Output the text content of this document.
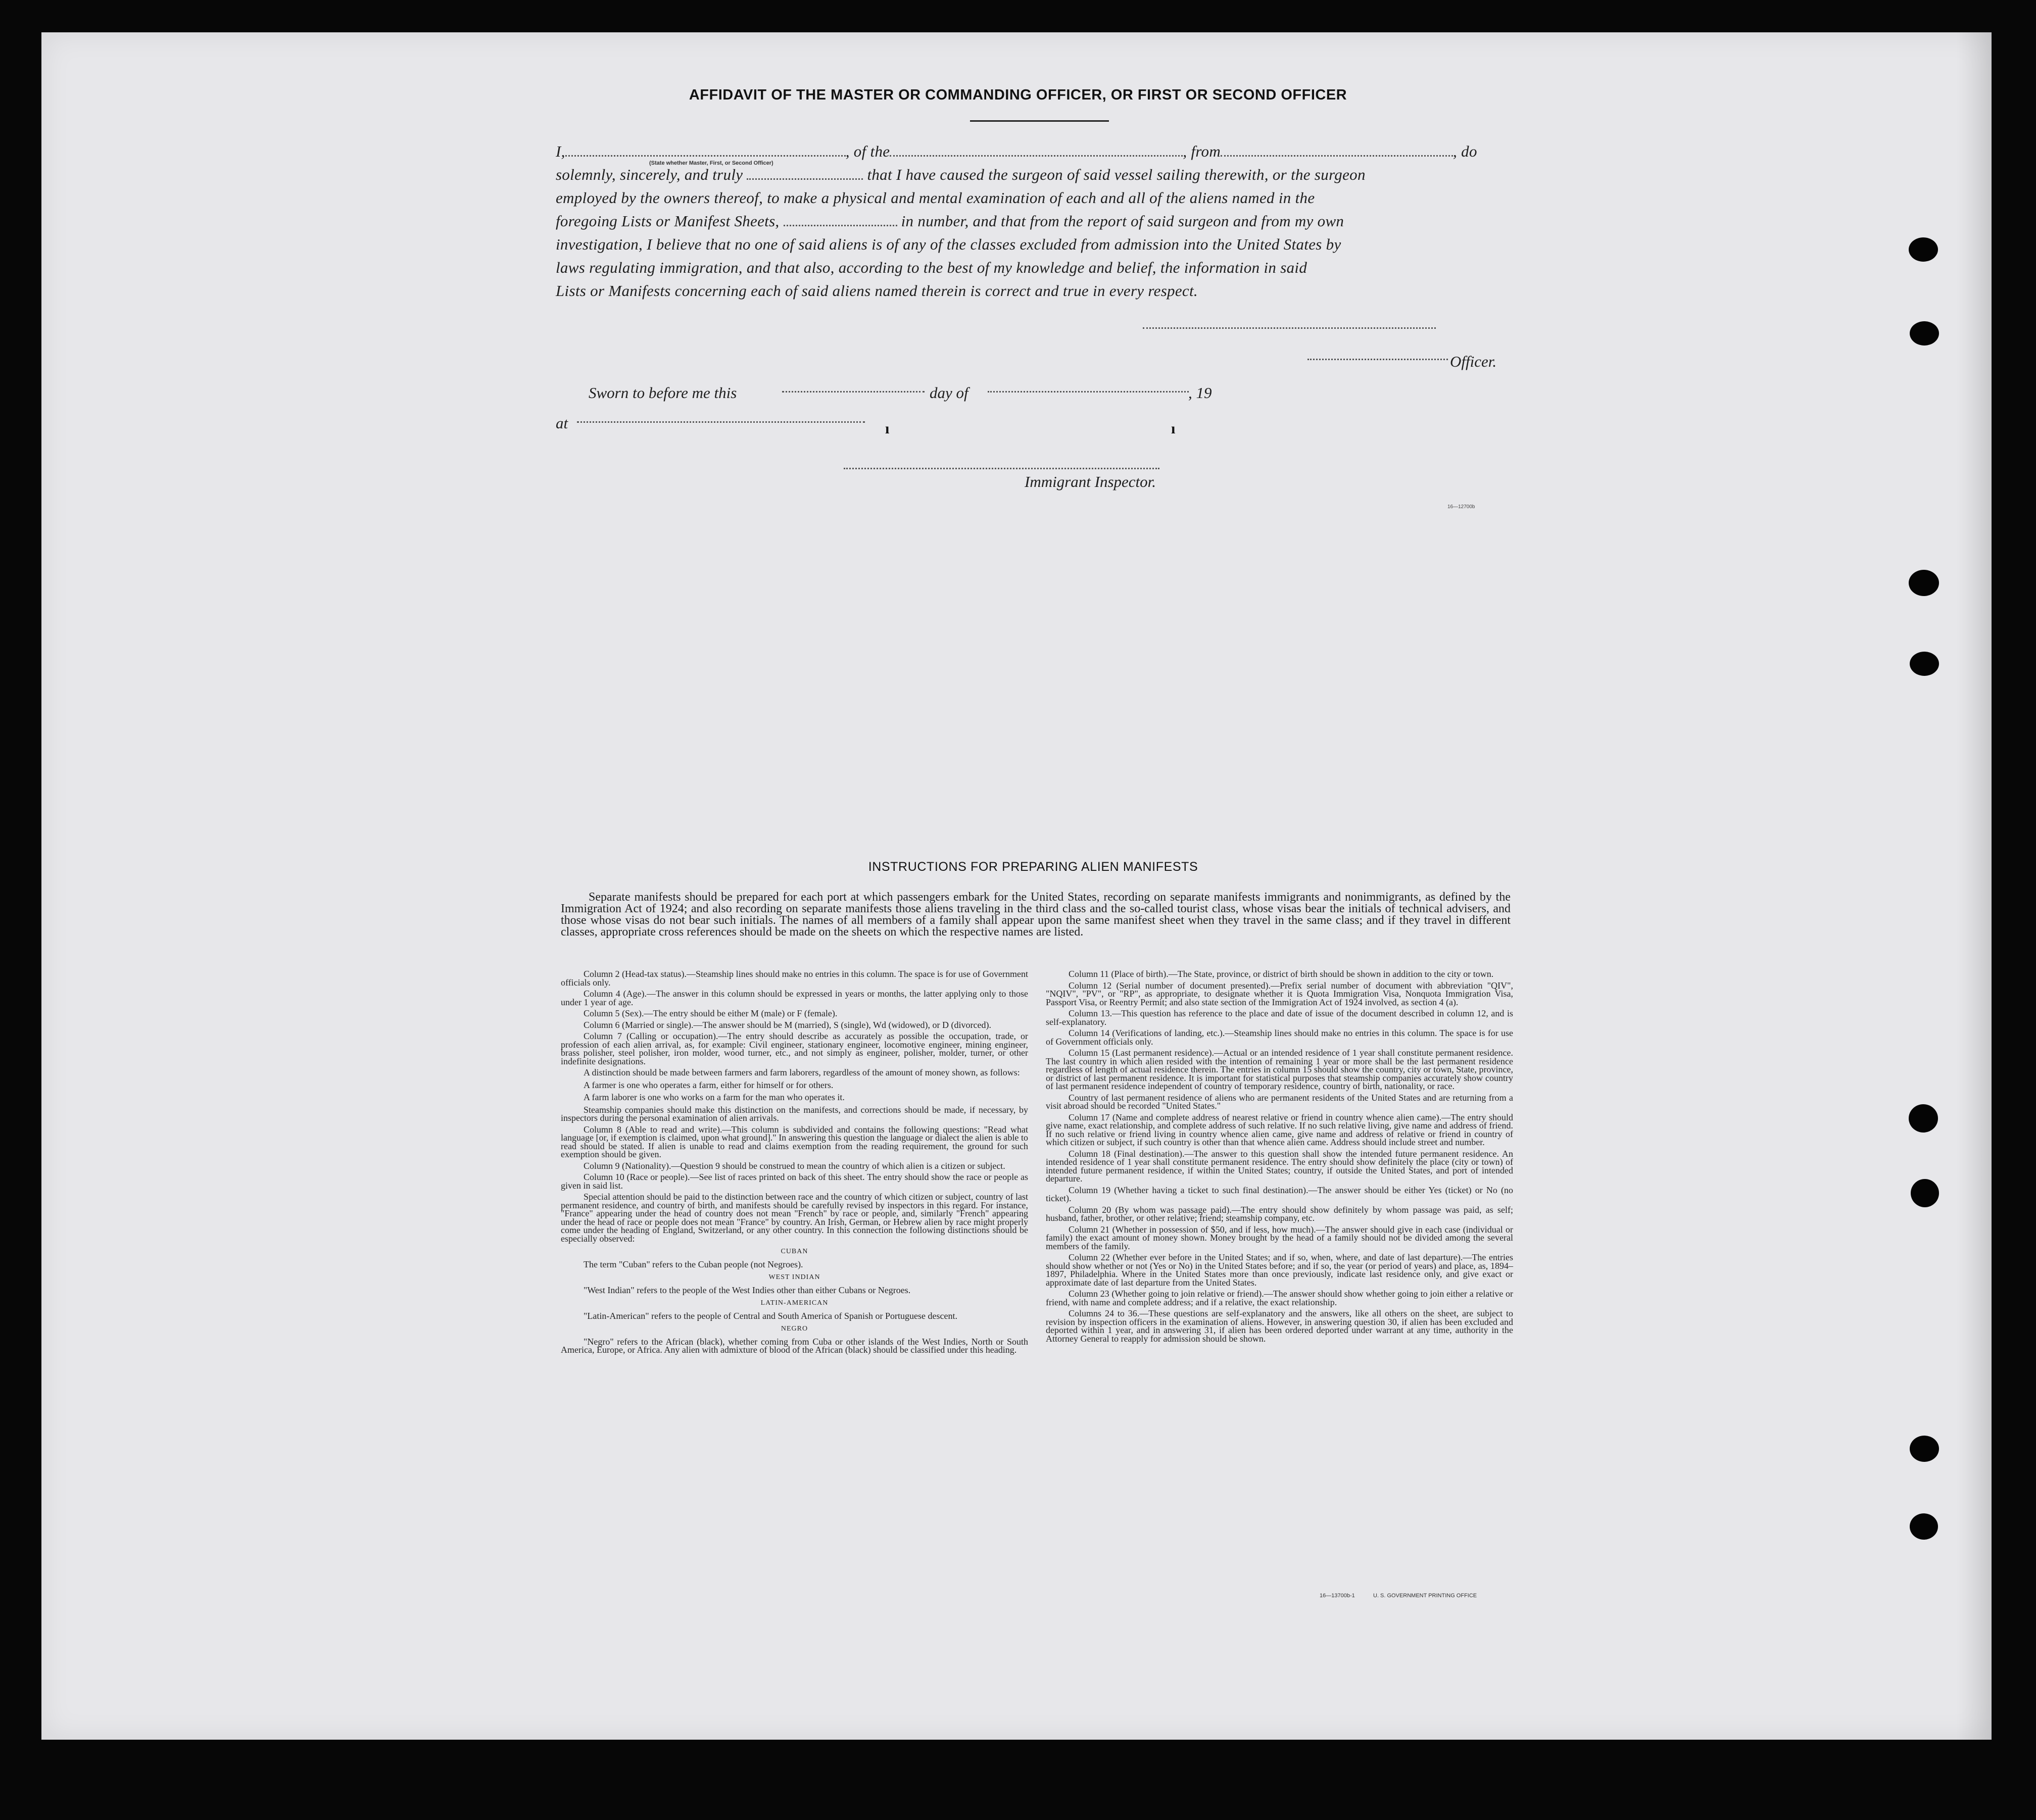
AFFIDAVIT OF THE MASTER OR COMMANDING OFFICER, OR FIRST OR SECOND OFFICER
I,	, of the	, from	, do
(State whether Master, First, or Second Officer)
solemnly, sincerely, and truly	that I have caused the surgeon of said vessel sailing therewith, or the surgeon
employed by the owners thereof, to make a physical and mental examination of each and all of the aliens named in the
foregoing Lists or Manifest Sheets,	in number, and that from the report of said surgeon and from my own
investigation, I believe that no one of said aliens is of any of the classes excluded from admission into the United States by
laws regulating immigration, and that also, according to the best of my knowledge and belief, the information in said
Lists or Manifests concerning each of said aliens named therein is correct and true in every respect.
Officer.
Sworn to before me this	day of	, 19
at	ı	ı
Immigrant Inspector.
16—12700b
INSTRUCTIONS FOR PREPARING ALIEN MANIFESTS
Separate manifests should be prepared for each port at which passengers embark for the United States, recording on separate manifests immigrants and nonimmigrants, as defined by the Immigration Act of 1924; and also recording on separate manifests those aliens traveling in the third class and the so-called tourist class, whose visas bear the initials of technical advisers, and those whose visas do not bear such initials. The names of all members of a family shall appear upon the same manifest sheet when they travel in the same class; and if they travel in different classes, appropriate cross references should be made on the sheets on which the respective names are listed.

Column 2 (Head-tax status).—Steamship lines should make no entries in this column. The space is for use of Government officials only.

Column 4 (Age).—The answer in this column should be expressed in years or months, the latter applying only to those under 1 year of age.

Column 5 (Sex).—The entry should be either M (male) or F (female).

Column 6 (Married or single).—The answer should be M (married), S (single), Wd (widowed), or D (divorced).

Column 7 (Calling or occupation).—The entry should describe as accurately as possible the occupation, trade, or profession of each alien arrival, as, for example: Civil engineer, stationary engineer, locomotive engineer, mining engineer, brass polisher, steel polisher, iron molder, wood turner, etc., and not simply as engineer, polisher, molder, turner, or other indefinite designations.

A distinction should be made between farmers and farm laborers, regardless of the amount of money shown, as follows:

A farmer is one who operates a farm, either for himself or for others.

A farm laborer is one who works on a farm for the man who operates it.

Steamship companies should make this distinction on the manifests, and corrections should be made, if necessary, by inspectors during the personal examination of alien arrivals.

Column 8 (Able to read and write).—This column is subdivided and contains the following questions: "Read what language [or, if exemption is claimed, upon what ground]." In answering this question the language or dialect the alien is able to read should be stated. If alien is unable to read and claims exemption from the reading requirement, the ground for such exemption should be given.

Column 9 (Nationality).—Question 9 should be construed to mean the country of which alien is a citizen or subject.

Column 10 (Race or people).—See list of races printed on back of this sheet. The entry should show the race or people as given in said list.

Special attention should be paid to the distinction between race and the country of which citizen or subject, country of last permanent residence, and country of birth, and manifests should be carefully revised by inspectors in this regard. For instance, "France" appearing under the head of country does not mean "French" by race or people, and, similarly "French" appearing under the head of race or people does not mean "France" by country. An Irish, German, or Hebrew alien by race might properly come under the heading of England, Switzerland, or any other country. In this connection the following distinctions should be especially observed:

CUBAN

The term "Cuban" refers to the Cuban people (not Negroes).

WEST INDIAN

"West Indian" refers to the people of the West Indies other than either Cubans or Negroes.

LATIN-AMERICAN

"Latin-American" refers to the people of Central and South America of Spanish or Portuguese descent.

NEGRO

"Negro" refers to the African (black), whether coming from Cuba or other islands of the West Indies, North or South America, Europe, or Africa. Any alien with admixture of blood of the African (black) should be classified under this heading.

Column 11 (Place of birth).—The State, province, or district of birth should be shown in addition to the city or town.

Column 12 (Serial number of document presented).—Prefix serial number of document with abbreviation "QIV", "NQIV", "PV", or "RP", as appropriate, to designate whether it is Quota Immigration Visa, Nonquota Immigration Visa, Passport Visa, or Reentry Permit; and also state section of the Immigration Act of 1924 involved, as section 4 (a).

Column 13.—This question has reference to the place and date of issue of the document described in column 12, and is self-explanatory.

Column 14 (Verifications of landing, etc.).—Steamship lines should make no entries in this column. The space is for use of Government officials only.

Column 15 (Last permanent residence).—Actual or an intended residence of 1 year shall constitute permanent residence. The last country in which alien resided with the intention of remaining 1 year or more shall be the last permanent residence regardless of length of actual residence therein. The entries in column 15 should show the country, city or town, State, province, or district of last permanent residence. It is important for statistical purposes that steamship companies accurately show country of last permanent residence independent of country of temporary residence, country of birth, nationality, or race.

Country of last permanent residence of aliens who are permanent residents of the United States and are returning from a visit abroad should be recorded "United States."

Column 17 (Name and complete address of nearest relative or friend in country whence alien came).—The entry should give name, exact relationship, and complete address of such relative. If no such relative living, give name and address of friend. If no such relative or friend living in country whence alien came, give name and address of relative or friend in country of which citizen or subject, if such country is other than that whence alien came. Address should include street and number.

Column 18 (Final destination).—The answer to this question shall show the intended future permanent residence. An intended residence of 1 year shall constitute permanent residence. The entry should show definitely the place (city or town) of intended future permanent residence, if within the United States; country, if outside the United States, and port of intended departure.

Column 19 (Whether having a ticket to such final destination).—The answer should be either Yes (ticket) or No (no ticket).

Column 20 (By whom was passage paid).—The entry should show definitely by whom passage was paid, as self; husband, father, brother, or other relative; friend; steamship company, etc.

Column 21 (Whether in possession of $50, and if less, how much).—The answer should give in each case (individual or family) the exact amount of money shown. Money brought by the head of a family should not be divided among the several members of the family.

Column 22 (Whether ever before in the United States; and if so, when, where, and date of last departure).—The entries should show whether or not (Yes or No) in the United States before; and if so, the year (or period of years) and place, as, 1894–1897, Philadelphia. Where in the United States more than once previously, indicate last residence only, and give exact or approximate date of last departure from the United States.

Column 23 (Whether going to join relative or friend).—The answer should show whether going to join either a relative or friend, with name and complete address; and if a relative, the exact relationship.

Columns 24 to 36.—These questions are self-explanatory and the answers, like all others on the sheet, are subject to revision by inspection officers in the examination of aliens. However, in answering question 30, if alien has been excluded and deported within 1 year, and in answering 31, if alien has been ordered deported under warrant at any time, authority in the Attorney General to reapply for admission should be shown.

16—13700b-1	U. S. GOVERNMENT PRINTING OFFICE
